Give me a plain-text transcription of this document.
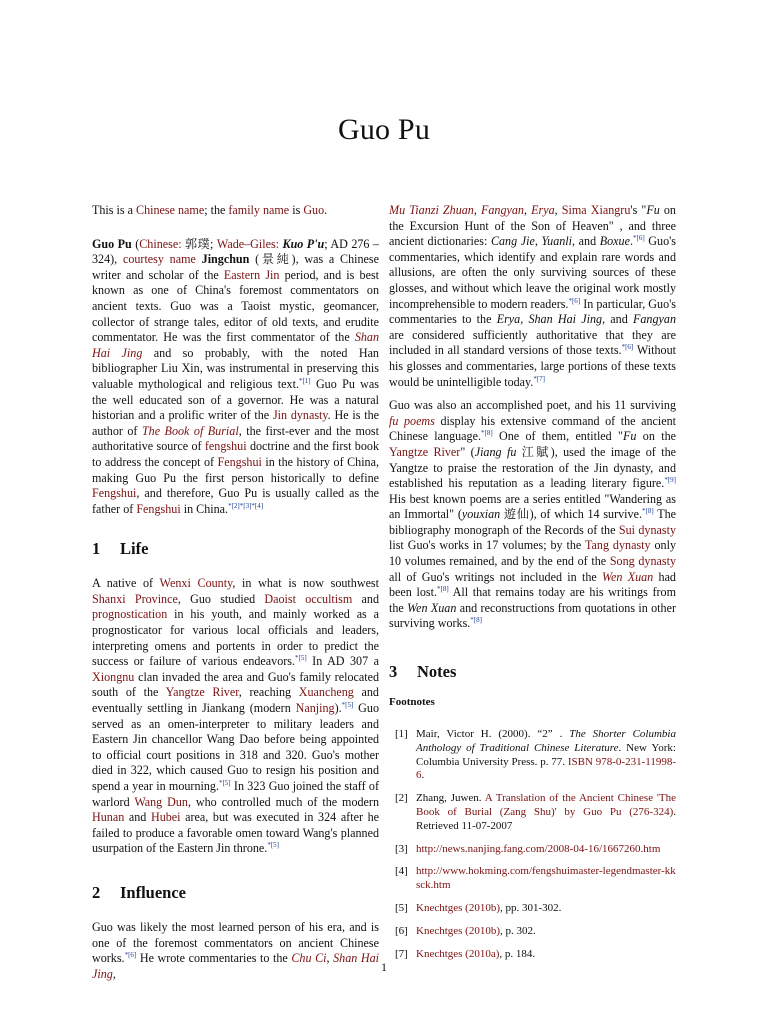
Guo Pu

This is a Chinese name; the family name is Guo.

Guo Pu (Chinese: 郭璞; Wade–Giles: Kuo P'u; AD 276 – 324), courtesy name Jingchun (景純), was a Chinese writer and scholar of the Eastern Jin period, and is best known as one of China's foremost commentators on ancient texts. Guo was a Taoist mystic, geomancer, collector of strange tales, editor of old texts, and erudite commentator. He was the first commentator of the Shan Hai Jing and so probably, with the noted Han bibliographer Liu Xin, was instrumental in preserving this valuable mythological and religious text.$^{*[1]}$ Guo Pu was the well educated son of a governor. He was a natural historian and a prolific writer of the Jin dynasty. He is the author of The Book of Burial, the first-ever and the most authoritative source of fengshui doctrine and the first book to address the concept of Fengshui in the history of China, making Guo Pu the first person historically to define Fengshui, and therefore, Guo Pu is usually called as the father of Fengshui in China.$^{*[2]*[3]*[4]}$

1 Life

A native of Wenxi County, in what is now southwest Shanxi Province, Guo studied Daoist occultism and prognostication in his youth, and mainly worked as a prognosticator for various local officials and leaders, interpreting omens and portents in order to predict the success or failure of various endeavors.$^{*[5]}$ In AD 307 a Xiongnu clan invaded the area and Guo's family relocated south of the Yangtze River, reaching Xuancheng and eventually settling in Jiankang (modern Nanjing).$^{*[5]}$ Guo served as an omen-interpreter to military leaders and Eastern Jin chancellor Wang Dao before being appointed to official court positions in 318 and 320. Guo's mother died in 322, which caused Guo to resign his position and spend a year in mourning.$^{*[5]}$ In 323 Guo joined the staff of warlord Wang Dun, who controlled much of the modern Hunan and Hubei area, but was executed in 324 after he failed to produce a favorable omen toward Wang's planned usurpation of the Eastern Jin throne.$^{*[5]}$

2 Influence

Guo was likely the most learned person of his era, and is one of the foremost commentators on ancient Chinese works.$^{*[6]}$ He wrote commentaries to the Chu Ci, Shan Hai Jing,

Mu Tianzi Zhuan, Fangyan, Erya, Sima Xiangru's "Fu on the Excursion Hunt of the Son of Heaven" , and three ancient dictionaries: Cang Jie, Yuanli, and Boxue.$^{*[6]}$ Guo's commentaries, which identify and explain rare words and allusions, are often the only surviving sources of these glosses, and without which leave the original work mostly incomprehensible to modern readers.$^{*[6]}$ In particular, Guo's commentaries to the Erya, Shan Hai Jing, and Fangyan are considered sufficiently authoritative that they are included in all standard versions of those texts.$^{*[6]}$ Without his glosses and commentaries, large portions of these texts would be unintelligible today.$^{*[7]}$

Guo was also an accomplished poet, and his 11 surviving fu poems display his extensive command of the ancient Chinese language.$^{*[8]}$ One of them, entitled "Fu on the Yangtze River" (Jiang fu 江賦), used the image of the Yangtze to praise the restoration of the Jin dynasty, and established his reputation as a leading literary figure.$^{*[9]}$ His best known poems are a series entitled "Wandering as an Immortal" (youxian 遊仙), of which 14 survive.$^{*[8]}$ The bibliography monograph of the Records of the Sui dynasty list Guo's works in 17 volumes; by the Tang dynasty only 10 volumes remained, and by the end of the Song dynasty all of Guo's writings not included in the Wen Xuan had been lost.$^{*[8]}$ All that remains today are his writings from the Wen Xuan and reconstructions from quotations in other surviving works.$^{*[8]}$

3 Notes
Footnotes
[1] Mair, Victor H. (2000). “2” . The Shorter Columbia Anthology of Traditional Chinese Literature. New York: Columbia University Press. p. 77. ISBN 978-0-231-11998-6.
[2] Zhang, Juwen. A Translation of the Ancient Chinese 'The Book of Burial (Zang Shu)' by Guo Pu (276-324). Retrieved 11-07-2007
[3] http://news.nanjing.fang.com/2008-04-16/1667260.htm
[4] http://www.hokming.com/fengshuimaster-legendmaster-kksck.htm
[5] Knechtges (2010b), pp. 301-302.
[6] Knechtges (2010b), p. 302.
[7] Knechtges (2010a), p. 184.
1
